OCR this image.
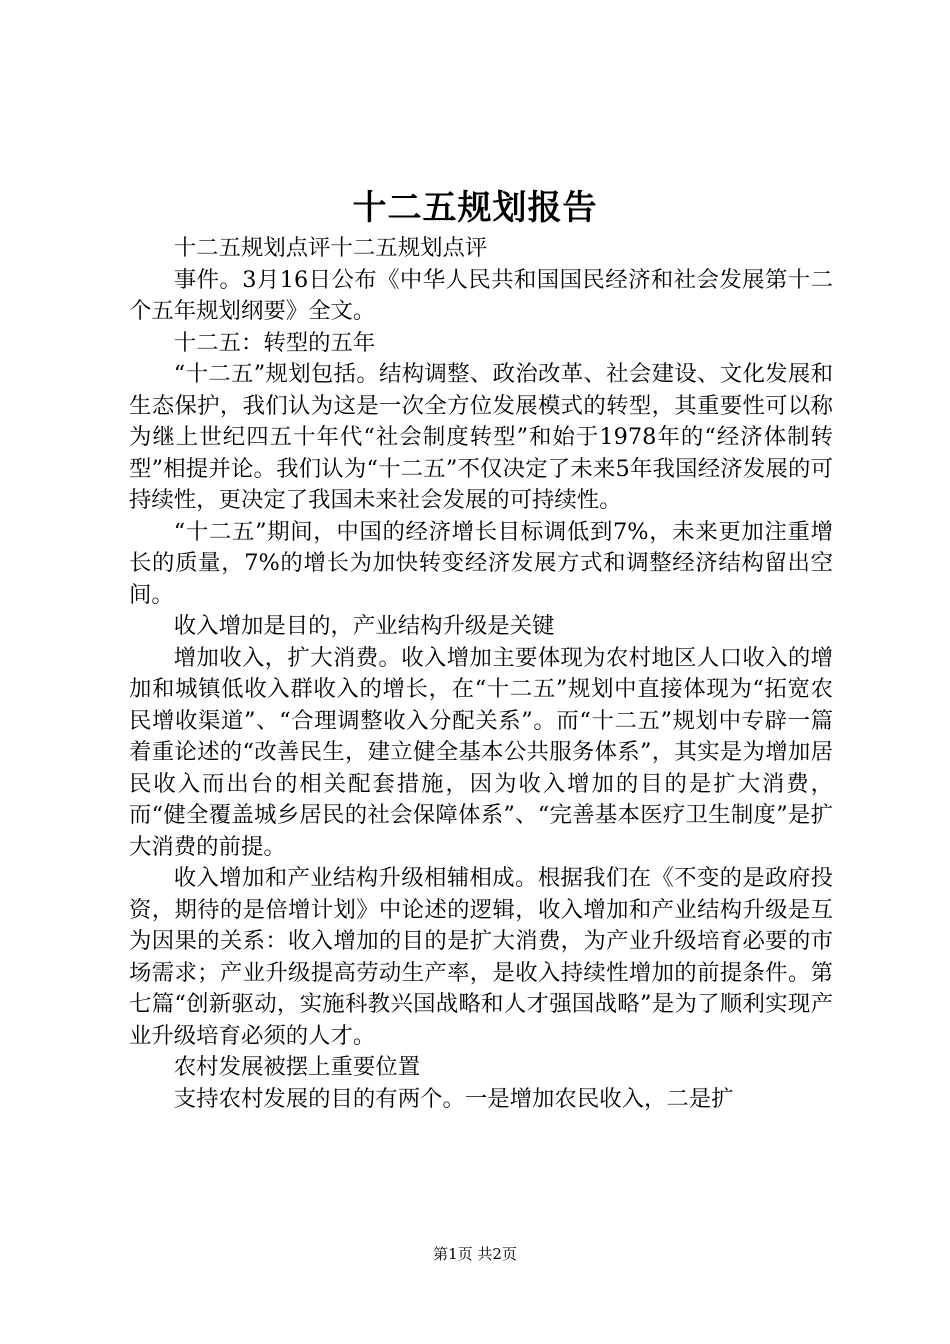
十二五规划报告

十二五规划点评十二五规划点评

事件。3月16日公布《中华人民共和国国民经济和社会发展第十二个五年规划纲要》全文。

十二五：转型的五年

“十二五”规划包括。结构调整、政治改革、社会建设、文化发展和生态保护，我们认为这是一次全方位发展模式的转型，其重要性可以称为继上世纪四五十年代“社会制度转型”和始于1978年的“经济体制转型”相提并论。我们认为“十二五”不仅决定了未来5年我国经济发展的可持续性，更决定了我国未来社会发展的可持续性。

“十二五”期间，中国的经济增长目标调低到7%，未来更加注重增长的质量，7%的增长为加快转变经济发展方式和调整经济结构留出空间。

收入增加是目的，产业结构升级是关键

增加收入，扩大消费。收入增加主要体现为农村地区人口收入的增加和城镇低收入群收入的增长，在“十二五”规划中直接体现为“拓宽农民增收渠道”、“合理调整收入分配关系”。而“十二五”规划中专辟一篇着重论述的“改善民生，建立健全基本公共服务体系”，其实是为增加居民收入而出台的相关配套措施，因为收入增加的目的是扩大消费，而“健全覆盖城乡居民的社会保障体系”、“完善基本医疗卫生制度”是扩大消费的前提。

收入增加和产业结构升级相辅相成。根据我们在《不变的是政府投资，期待的是倍增计划》中论述的逻辑，收入增加和产业结构升级是互为因果的关系：收入增加的目的是扩大消费，为产业升级培育必要的市场需求；产业升级提高劳动生产率，是收入持续性增加的前提条件。第七篇“创新驱动，实施科教兴国战略和人才强国战略”是为了顺利实现产业升级培育必须的人才。

农村发展被摆上重要位置

支持农村发展的目的有两个。一是增加农民收入，二是扩

第1页 共2页
